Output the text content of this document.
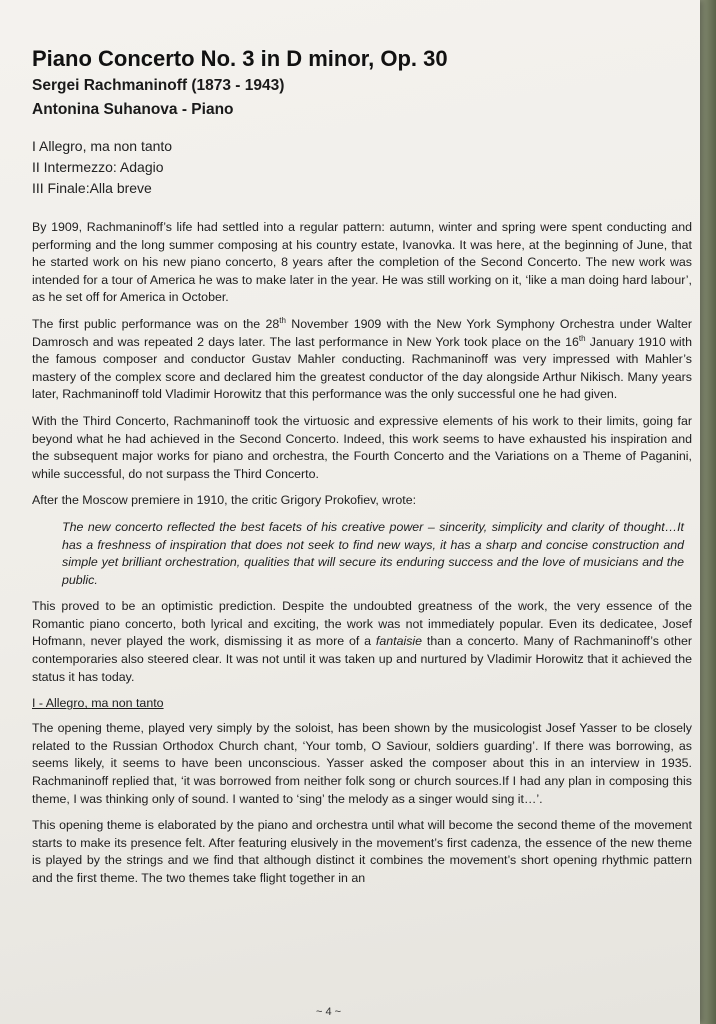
Piano Concerto No. 3 in D minor, Op. 30
Sergei Rachmaninoff (1873 - 1943)
Antonina Suhanova - Piano
I Allegro, ma non tanto
II Intermezzo: Adagio
III Finale:Alla breve

By 1909, Rachmaninoff’s life had settled into a regular pattern: autumn, winter and spring were spent conducting and performing and the long summer composing at his country estate, Ivanovka. It was here, at the beginning of June, that he started work on his new piano concerto, 8 years after the completion of the Second Concerto. The new work was intended for a tour of America he was to make later in the year. He was still working on it, ‘like a man doing hard labour’, as he set off for America in October.

The first public performance was on the 28th November 1909 with the New York Symphony Orchestra under Walter Damrosch and was repeated 2 days later. The last performance in New York took place on the 16th January 1910 with the famous composer and conductor Gustav Mahler conducting. Rachmaninoff was very impressed with Mahler’s mastery of the complex score and declared him the greatest conductor of the day alongside Arthur Nikisch. Many years later, Rachmaninoff told Vladimir Horowitz that this performance was the only successful one he had given.

With the Third Concerto, Rachmaninoff took the virtuosic and expressive elements of his work to their limits, going far beyond what he had achieved in the Second Concerto. Indeed, this work seems to have exhausted his inspiration and the subsequent major works for piano and orchestra, the Fourth Concerto and the Variations on a Theme of Paganini, while successful, do not surpass the Third Concerto.

After the Moscow premiere in 1910, the critic Grigory Prokofiev, wrote:

The new concerto reflected the best facets of his creative power – sincerity, simplicity and clarity of thought…It has a freshness of inspiration that does not seek to find new ways, it has a sharp and concise construction and simple yet brilliant orchestration, qualities that will secure its enduring success and the love of musicians and the public.

This proved to be an optimistic prediction. Despite the undoubted greatness of the work, the very essence of the Romantic piano concerto, both lyrical and exciting, the work was not immediately popular. Even its dedicatee, Josef Hofmann, never played the work, dismissing it as more of a fantaisie than a concerto. Many of Rachmaninoff’s other contemporaries also steered clear. It was not until it was taken up and nurtured by Vladimir Horowitz that it achieved the status it has today.

I - Allegro, ma non tanto

The opening theme, played very simply by the soloist, has been shown by the musicologist Josef Yasser to be closely related to the Russian Orthodox Church chant, ‘Your tomb, O Saviour, soldiers guarding’. If there was borrowing, as seems likely, it seems to have been unconscious. Yasser asked the composer about this in an interview in 1935. Rachmaninoff replied that, ‘it was borrowed from neither folk song or church sources.If I had any plan in composing this theme, I was thinking only of sound. I wanted to ‘sing’ the melody as a singer would sing it…’.

This opening theme is elaborated by the piano and orchestra until what will become the second theme of the movement starts to make its presence felt. After featuring elusively in the movement’s first cadenza, the essence of the new theme is played by the strings and we find that although distinct it combines the movement’s short opening rhythmic pattern and the first theme. The two themes take flight together in an

~ 4 ~
